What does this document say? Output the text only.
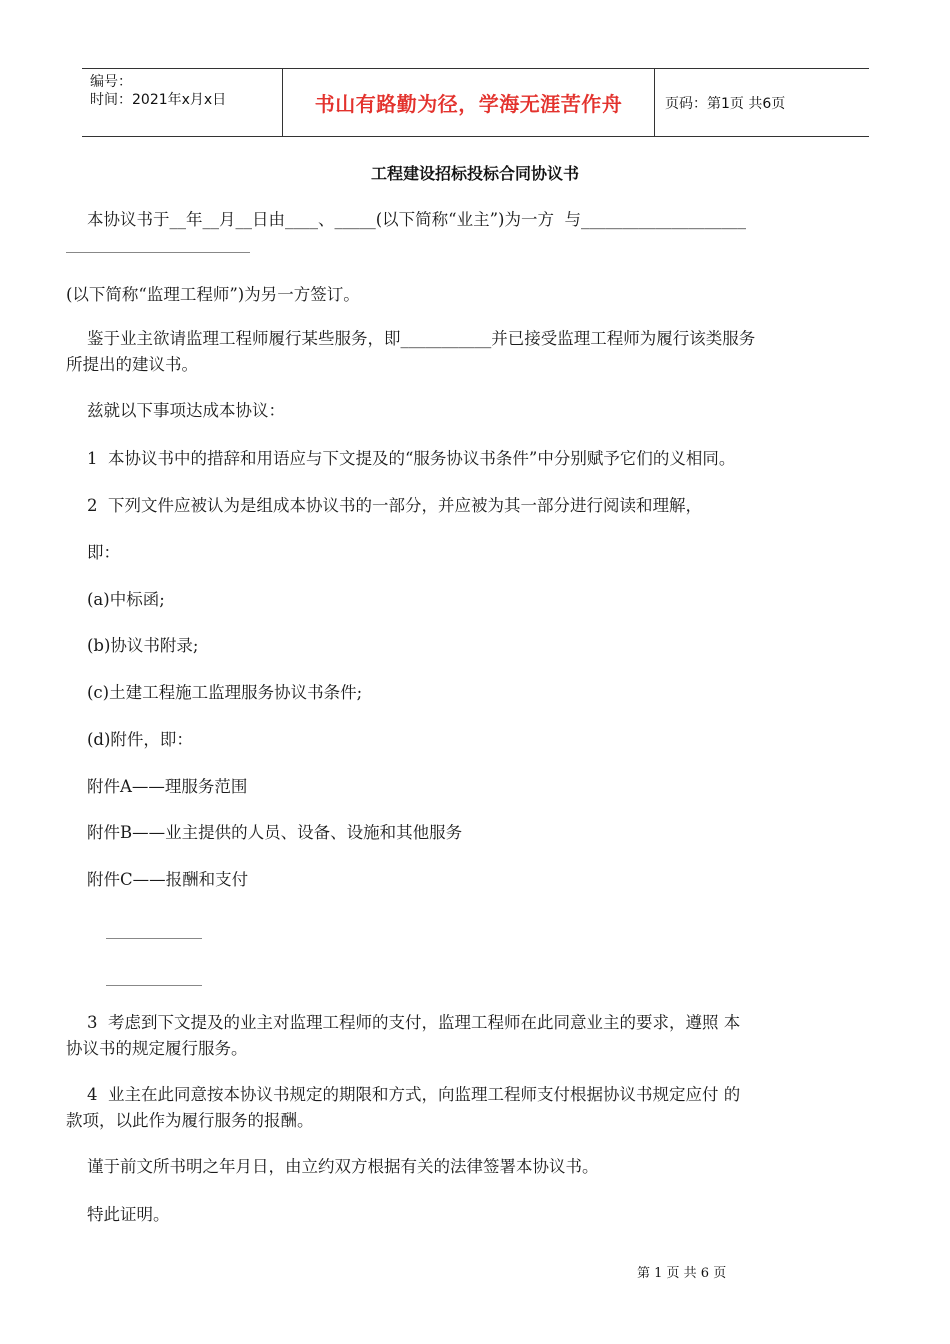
编号：
时间：2021年x月x日	书山有路勤为径，学海无涯苦作舟	页码：第1页 共6页
工程建设招标投标合同协议书
本协议书于__年__月__日由____、_____(以下简称“业主”)为一方  与____________________
(以下简称“监理工程师”)为另一方签订。
鉴于业主欲请监理工程师履行某些服务，即___________并已接受监理工程师为履行该类服务
所提出的建议书。
兹就以下事项达成本协议：
1  本协议书中的措辞和用语应与下文提及的“服务协议书条件”中分别赋予它们的义相同。
2  下列文件应被认为是组成本协议书的一部分，并应被为其一部分进行阅读和理解，
即：
(a)中标函;
(b)协议书附录;
(c)土建工程施工监理服务协议书条件;
(d)附件，即：
附件A——理服务范围
附件B——业主提供的人员、设备、设施和其他服务
附件C——报酬和支付
3  考虑到下文提及的业主对监理工程师的支付，监理工程师在此同意业主的要求，遵照 本
协议书的规定履行服务。
4  业主在此同意按本协议书规定的期限和方式，向监理工程师支付根据协议书规定应付 的
款项，以此作为履行服务的报酬。
谨于前文所书明之年月日，由立约双方根据有关的法律签署本协议书。
特此证明。
第 1 页 共 6 页
